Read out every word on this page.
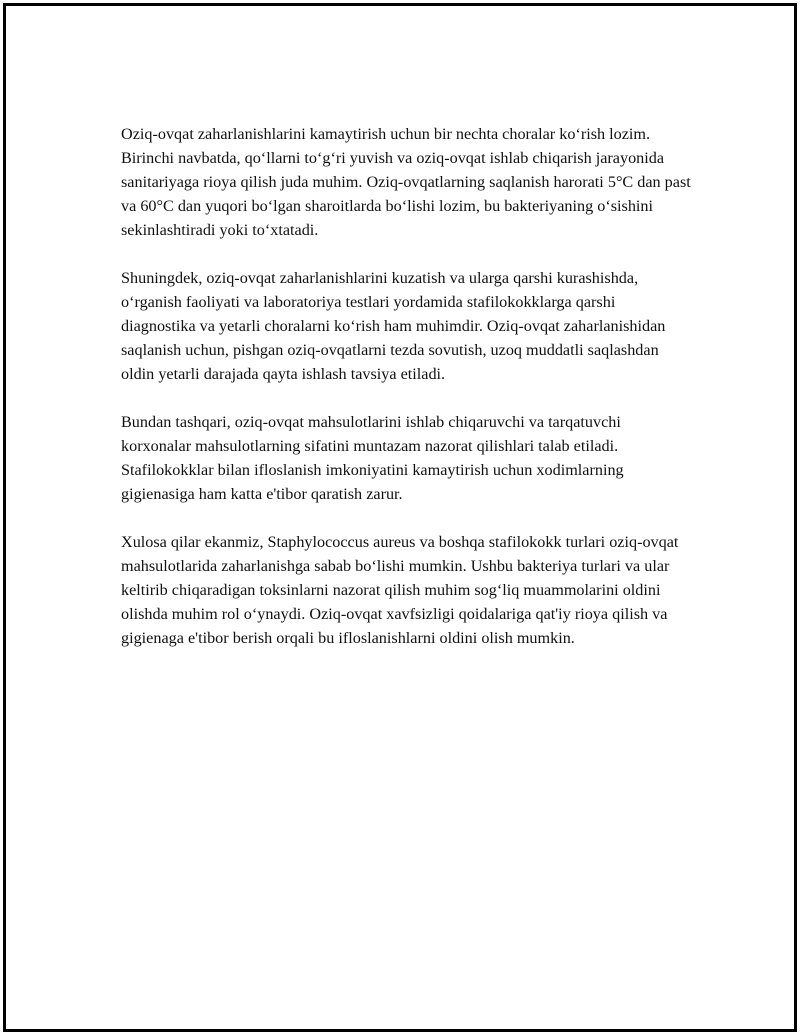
Oziq-ovqat zaharlanishlarini kamaytirish uchun bir nechta choralar ko‘rish lozim. Birinchi navbatda, qo‘llarni to‘g‘ri yuvish va oziq-ovqat ishlab chiqarish jarayonida sanitariyaga rioya qilish juda muhim. Oziq-ovqatlarning saqlanish harorati 5°C dan past va 60°C dan yuqori bo‘lgan sharoitlarda bo‘lishi lozim, bu bakteriyaning o‘sishini sekinlashtiradi yoki to‘xtatadi.

Shuningdek, oziq-ovqat zaharlanishlarini kuzatish va ularga qarshi kurashishda, o‘rganish faoliyati va laboratoriya testlari yordamida stafilokokklarga qarshi diagnostika va yetarli choralarni ko‘rish ham muhimdir. Oziq-ovqat zaharlanishidan saqlanish uchun, pishgan oziq-ovqatlarni tezda sovutish, uzoq muddatli saqlashdan oldin yetarli darajada qayta ishlash tavsiya etiladi.

Bundan tashqari, oziq-ovqat mahsulotlarini ishlab chiqaruvchi va tarqatuvchi korxonalar mahsulotlarning sifatini muntazam nazorat qilishlari talab etiladi. Stafilokokklar bilan ifloslanish imkoniyatini kamaytirish uchun xodimlarning gigienasiga ham katta e'tibor qaratish zarur.

Xulosa qilar ekanmiz, Staphylococcus aureus va boshqa stafilokokk turlari oziq-ovqat mahsulotlarida zaharlanishga sabab bo‘lishi mumkin. Ushbu bakteriya turlari va ular keltirib chiqaradigan toksinlarni nazorat qilish muhim sog‘liq muammolarini oldini olishda muhim rol o‘ynaydi. Oziq-ovqat xavfsizligi qoidalariga qat'iy rioya qilish va gigienaga e'tibor berish orqali bu ifloslanishlarni oldini olish mumkin.
